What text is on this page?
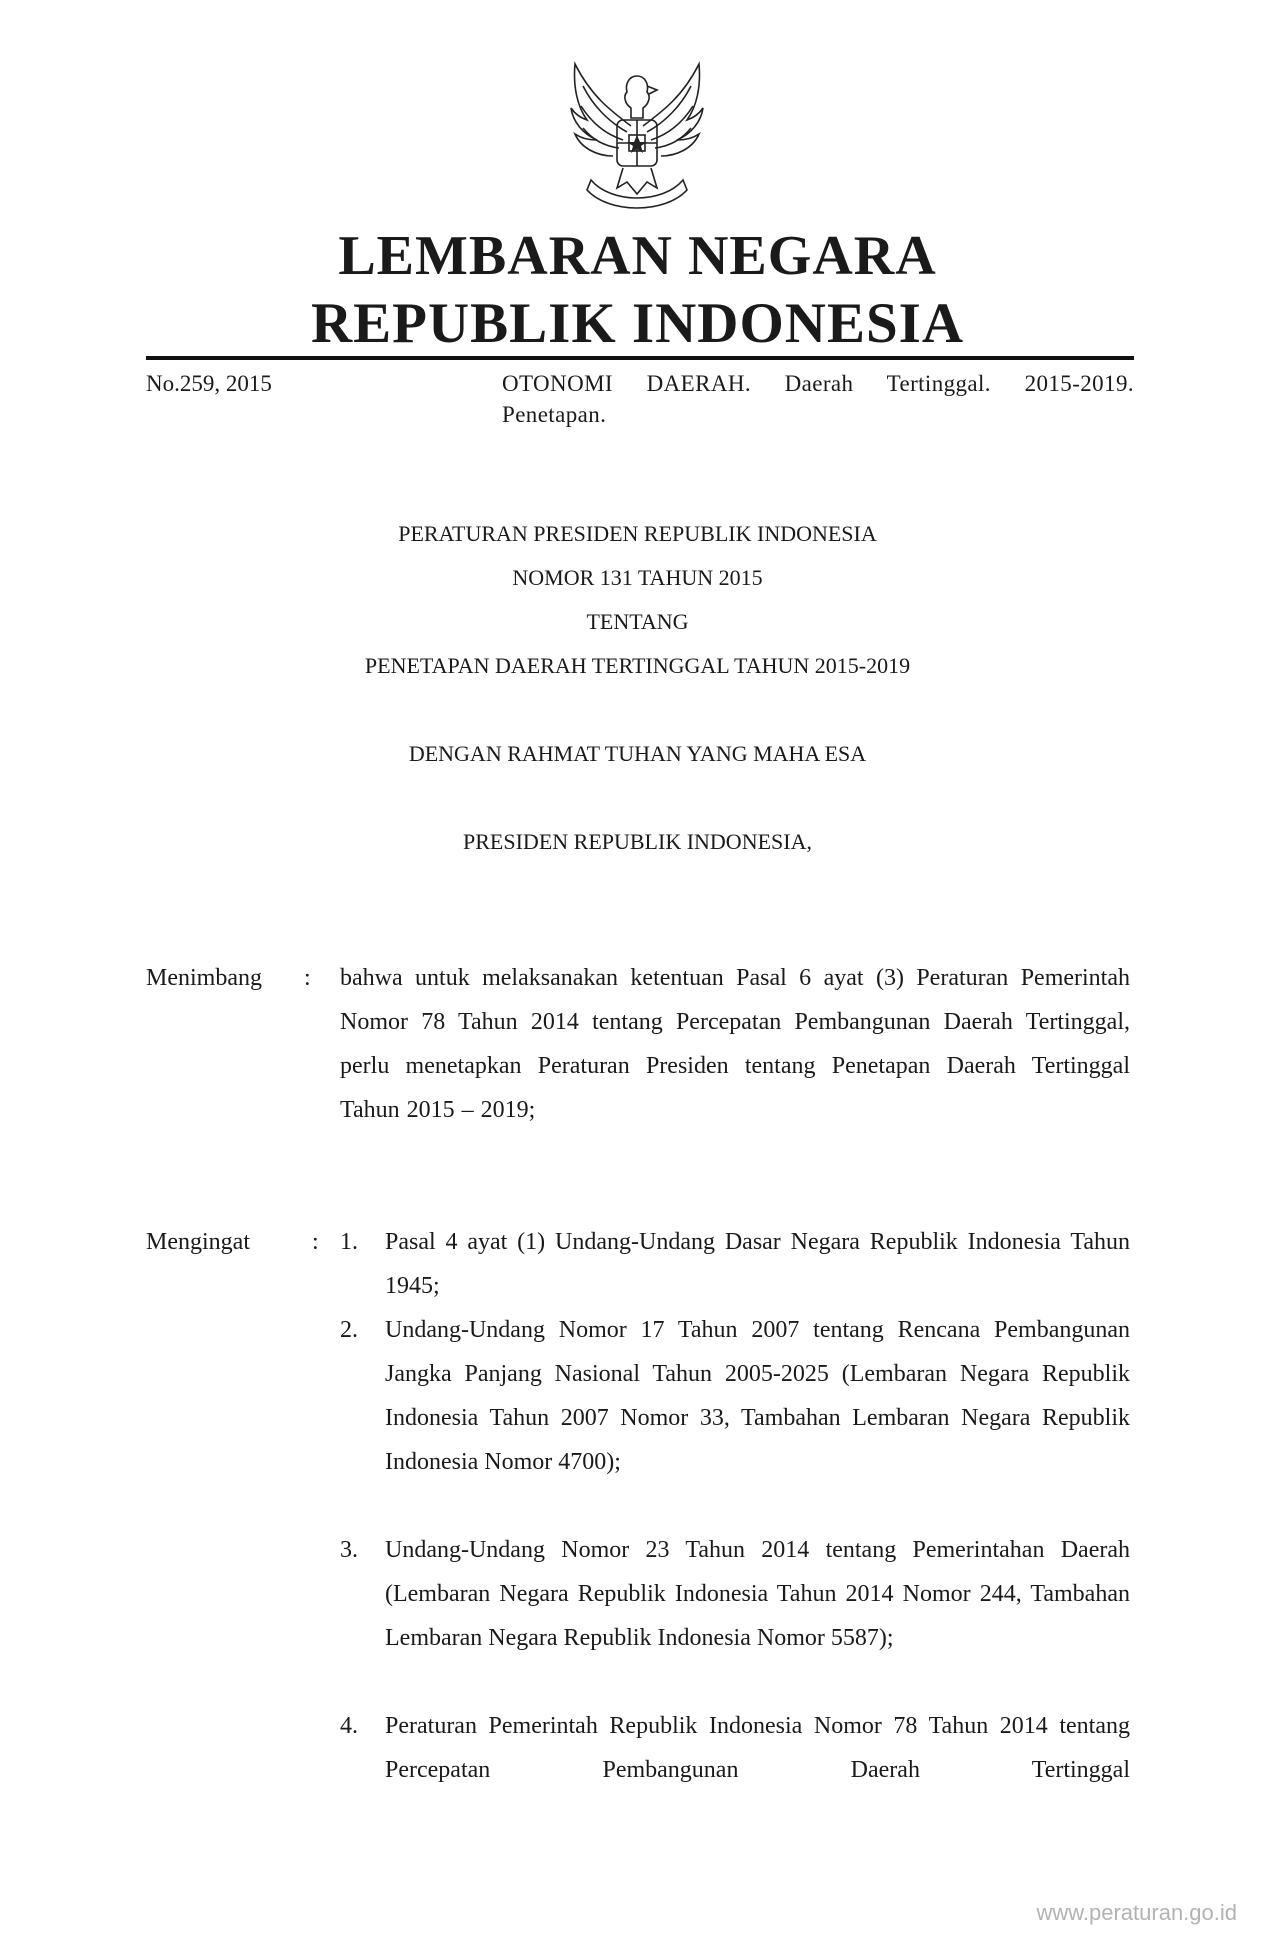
LEMBARAN NEGARA
REPUBLIK INDONESIA
No.259, 2015	OTONOMI DAERAH. Daerah Tertinggal. 2015-2019. Penetapan.

PERATURAN PRESIDEN REPUBLIK INDONESIA

NOMOR 131 TAHUN 2015

TENTANG

PENETAPAN DAERAH TERTINGGAL TAHUN 2015-2019

DENGAN RAHMAT TUHAN YANG MAHA ESA

PRESIDEN REPUBLIK INDONESIA,

Menimbang : bahwa untuk melaksanakan ketentuan Pasal 6 ayat (3) Peraturan Pemerintah Nomor 78 Tahun 2014 tentang Percepatan Pembangunan Daerah Tertinggal, perlu menetapkan Peraturan Presiden tentang Penetapan Daerah Tertinggal Tahun 2015 – 2019;
Mengingat	: 1. Pasal 4 ayat (1) Undang-Undang Dasar Negara Republik Indonesia Tahun 1945;
2. Undang-Undang Nomor 17 Tahun 2007 tentang Rencana Pembangunan Jangka Panjang Nasional Tahun 2005-2025 (Lembaran Negara Republik Indonesia Tahun 2007 Nomor 33, Tambahan Lembaran Negara Republik Indonesia Nomor 4700);
3. Undang-Undang Nomor 23 Tahun 2014 tentang Pemerintahan Daerah (Lembaran Negara Republik Indonesia Tahun 2014 Nomor 244, Tambahan Lembaran Negara Republik Indonesia Nomor 5587);
4. Peraturan Pemerintah Republik Indonesia Nomor 78 Tahun 2014 tentang Percepatan Pembangunan Daerah Tertinggal
www.peraturan.go.id
